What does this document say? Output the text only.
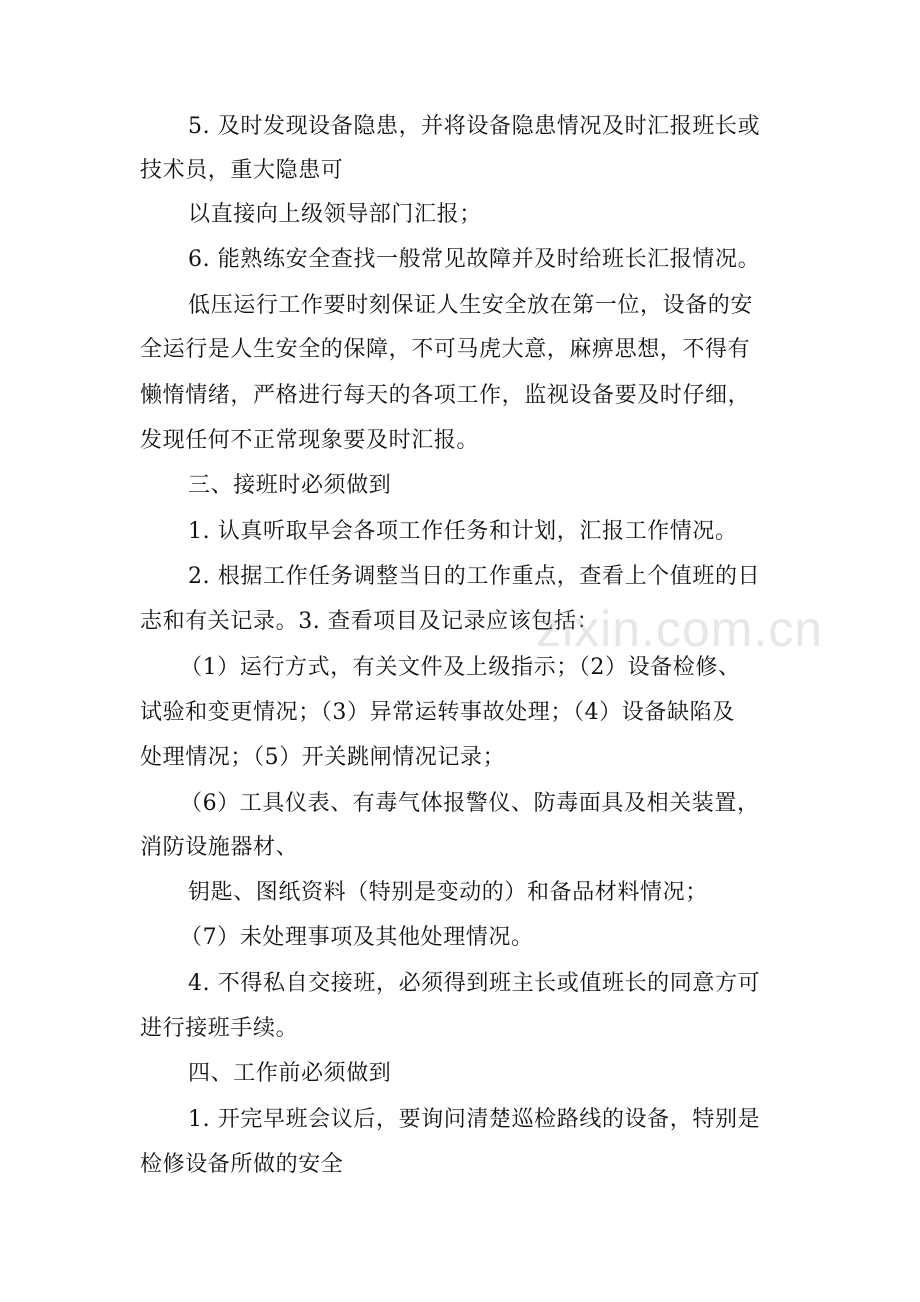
5. 及时发现设备隐患，并将设备隐患情况及时汇报班长或
技术员，重大隐患可
以直接向上级领导部门汇报；
6. 能熟练安全查找一般常见故障并及时给班长汇报情况。
低压运行工作要时刻保证人生安全放在第一位，设备的安
全运行是人生安全的保障，不可马虎大意，麻痹思想，不得有
懒惰情绪，严格进行每天的各项工作，监视设备要及时仔细，
发现任何不正常现象要及时汇报。
三、接班时必须做到
1. 认真听取早会各项工作任务和计划，汇报工作情况。
2. 根据工作任务调整当日的工作重点，查看上个值班的日
志和有关记录。3. 查看项目及记录应该包括：
（1）运行方式，有关文件及上级指示；（2）设备检修、
试验和变更情况；（3）异常运转事故处理；（4）设备缺陷及
处理情况；（5）开关跳闸情况记录；
（6）工具仪表、有毒气体报警仪、防毒面具及相关装置，
消防设施器材、
钥匙、图纸资料（特别是变动的）和备品材料情况；
（7）未处理事项及其他处理情况。
4. 不得私自交接班，必须得到班主长或值班长的同意方可
进行接班手续。
四、工作前必须做到
1. 开完早班会议后，要询问清楚巡检路线的设备，特别是
检修设备所做的安全
zixin.com.cn
